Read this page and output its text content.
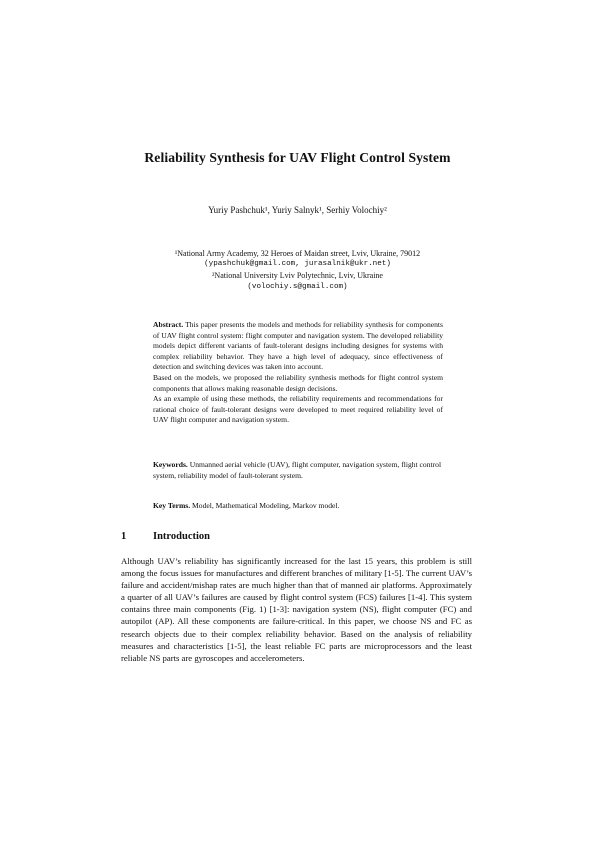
Reliability Synthesis for UAV Flight Control System
Yuriy Pashchuk¹, Yuriy Salnyk¹, Serhiy Volochiy²
¹National Army Academy, 32 Heroes of Maidan street, Lviv, Ukraine, 79012
(ypashchuk@gmail.com, jurasalnik@ukr.net)
²National University Lviv Polytechnic, Lviv, Ukraine
(volochiy.s@gmail.com)

Abstract. This paper presents the models and methods for reliability synthesis for components of UAV flight control system: flight computer and navigation system. The developed reliability models depict different variants of fault-tolerant designs including designes for systems with complex reliability behavior. They have a high level of adequacy, since effectiveness of detection and switching devices was taken into account.

Based on the models, we proposed the reliability synthesis methods for flight control system components that allows making reasonable design decisions.

As an example of using these methods, the reliability requirements and recommendations for rational choice of fault-tolerant designs were developed to meet required reliability level of UAV flight computer and navigation system.

Keywords. Unmanned aerial vehicle (UAV), flight computer, navigation system, flight control system, reliability model of fault-tolerant system.
Key Terms. Model, Mathematical Modeling, Markov model.
1	Introduction

Although UAV’s reliability has significantly increased for the last 15 years, this problem is still among the focus issues for manufactures and different branches of military [1-5]. The current UAV’s failure and accident/mishap rates are much higher than that of manned air platforms. Approximately a quarter of all UAV’s failures are caused by flight control system (FCS) failures [1-4]. This system contains three main components (Fig. 1) [1-3]: navigation system (NS), flight computer (FC) and autopilot (AP). All these components are failure-critical. In this paper, we choose NS and FC as research objects due to their complex reliability behavior. Based on the analysis of reliability measures and characteristics [1-5], the least reliable FC parts are microprocessors and the least reliable NS parts are gyroscopes and accelerometers.
